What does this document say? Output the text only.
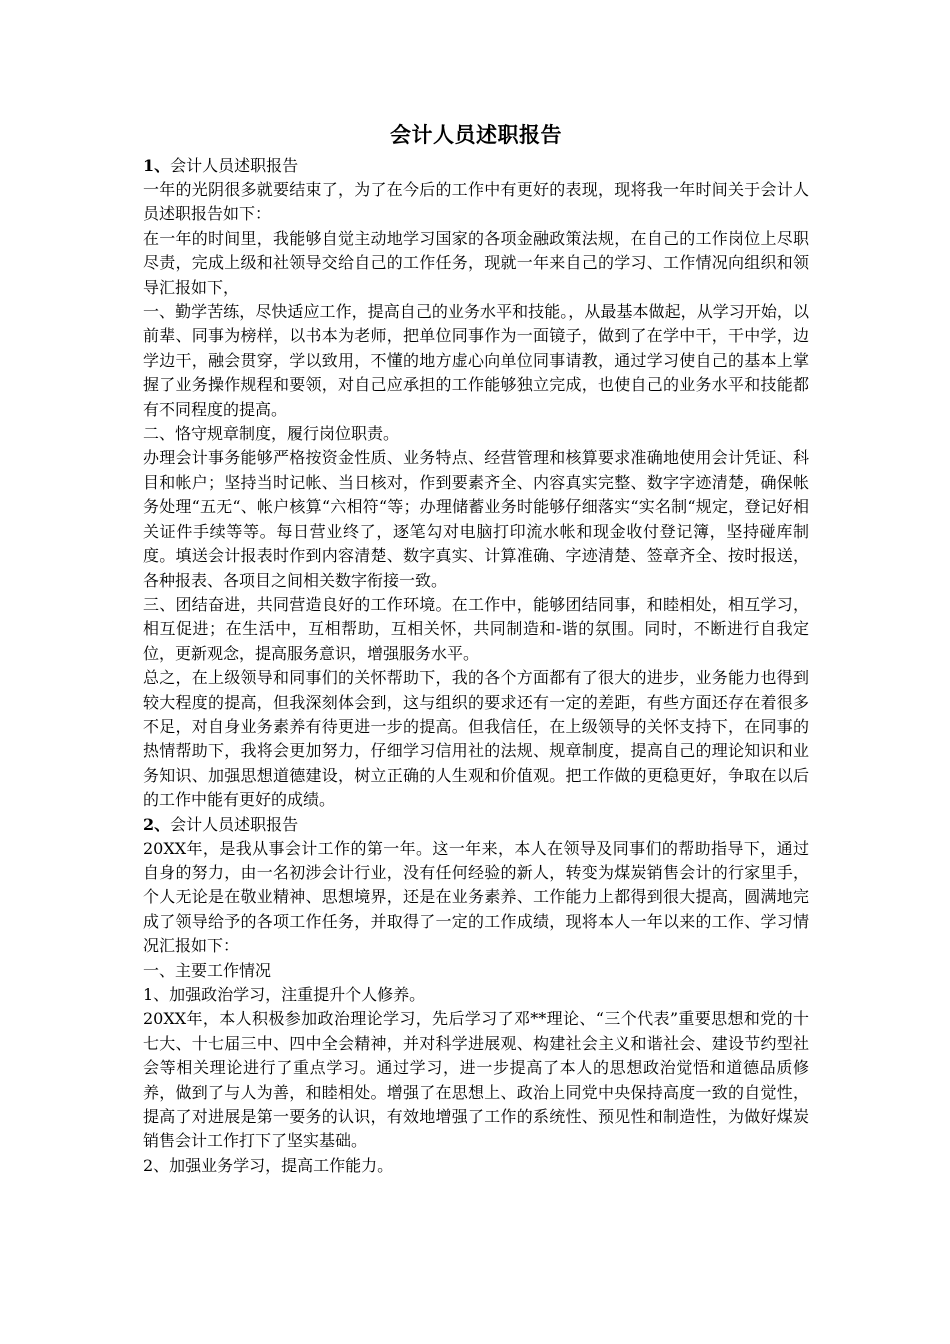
会计人员述职报告
1、会计人员述职报告

一年的光阴很多就要结束了，为了在今后的工作中有更好的表现，现将我一年时间关于会计人员述职报告如下：

在一年的时间里，我能够自觉主动地学习国家的各项金融政策法规，在自己的工作岗位上尽职尽责，完成上级和社领导交给自己的工作任务，现就一年来自己的学习、工作情况向组织和领导汇报如下，

一、勤学苦练，尽快适应工作，提高自己的业务水平和技能。，从最基本做起，从学习开始，以前辈、同事为榜样，以书本为老师，把单位同事作为一面镜子，做到了在学中干，干中学，边学边干，融会贯穿，学以致用，不懂的地方虚心向单位同事请教，通过学习使自己的基本上掌握了业务操作规程和要领，对自己应承担的工作能够独立完成，也使自己的业务水平和技能都有不同程度的提高。

二、恪守规章制度，履行岗位职责。

办理会计事务能够严格按资金性质、业务特点、经营管理和核算要求准确地使用会计凭证、科目和帐户；坚持当时记帐、当日核对，作到要素齐全、内容真实完整、数字字迹清楚，确保帐务处理“五无“、帐户核算“六相符“等；办理储蓄业务时能够仔细落实“实名制“规定，登记好相关证件手续等等。每日营业终了，逐笔勾对电脑打印流水帐和现金收付登记簿，坚持碰库制度。填送会计报表时作到内容清楚、数字真实、计算准确、字迹清楚、签章齐全、按时报送，各种报表、各项目之间相关数字衔接一致。

三、团结奋进，共同营造良好的工作环境。在工作中，能够团结同事，和睦相处，相互学习，相互促进；在生活中，互相帮助，互相关怀，共同制造和-谐的氛围。同时，不断进行自我定位，更新观念，提高服务意识，增强服务水平。

总之，在上级领导和同事们的关怀帮助下，我的各个方面都有了很大的进步，业务能力也得到较大程度的提高，但我深刻体会到，这与组织的要求还有一定的差距，有些方面还存在着很多不足，对自身业务素养有待更进一步的提高。但我信任，在上级领导的关怀支持下，在同事的热情帮助下，我将会更加努力，仔细学习信用社的法规、规章制度，提高自己的理论知识和业务知识、加强思想道德建设，树立正确的人生观和价值观。把工作做的更稳更好，争取在以后的工作中能有更好的成绩。

2、会计人员述职报告

20XX年，是我从事会计工作的第一年。这一年来，本人在领导及同事们的帮助指导下，通过自身的努力，由一名初涉会计行业，没有任何经验的新人，转变为煤炭销售会计的行家里手，个人无论是在敬业精神、思想境界，还是在业务素养、工作能力上都得到很大提高，圆满地完成了领导给予的各项工作任务，并取得了一定的工作成绩，现将本人一年以来的工作、学习情况汇报如下：

一、主要工作情况

1、加强政治学习，注重提升个人修养。

20XX年，本人积极参加政治理论学习，先后学习了邓**理论、“三个代表”重要思想和党的十七大、十七届三中、四中全会精神，并对科学进展观、构建社会主义和谐社会、建设节约型社会等相关理论进行了重点学习。通过学习，进一步提高了本人的思想政治觉悟和道德品质修养，做到了与人为善，和睦相处。增强了在思想上、政治上同党中央保持高度一致的自觉性，提高了对进展是第一要务的认识，有效地增强了工作的系统性、预见性和制造性，为做好煤炭销售会计工作打下了坚实基础。

2、加强业务学习，提高工作能力。
